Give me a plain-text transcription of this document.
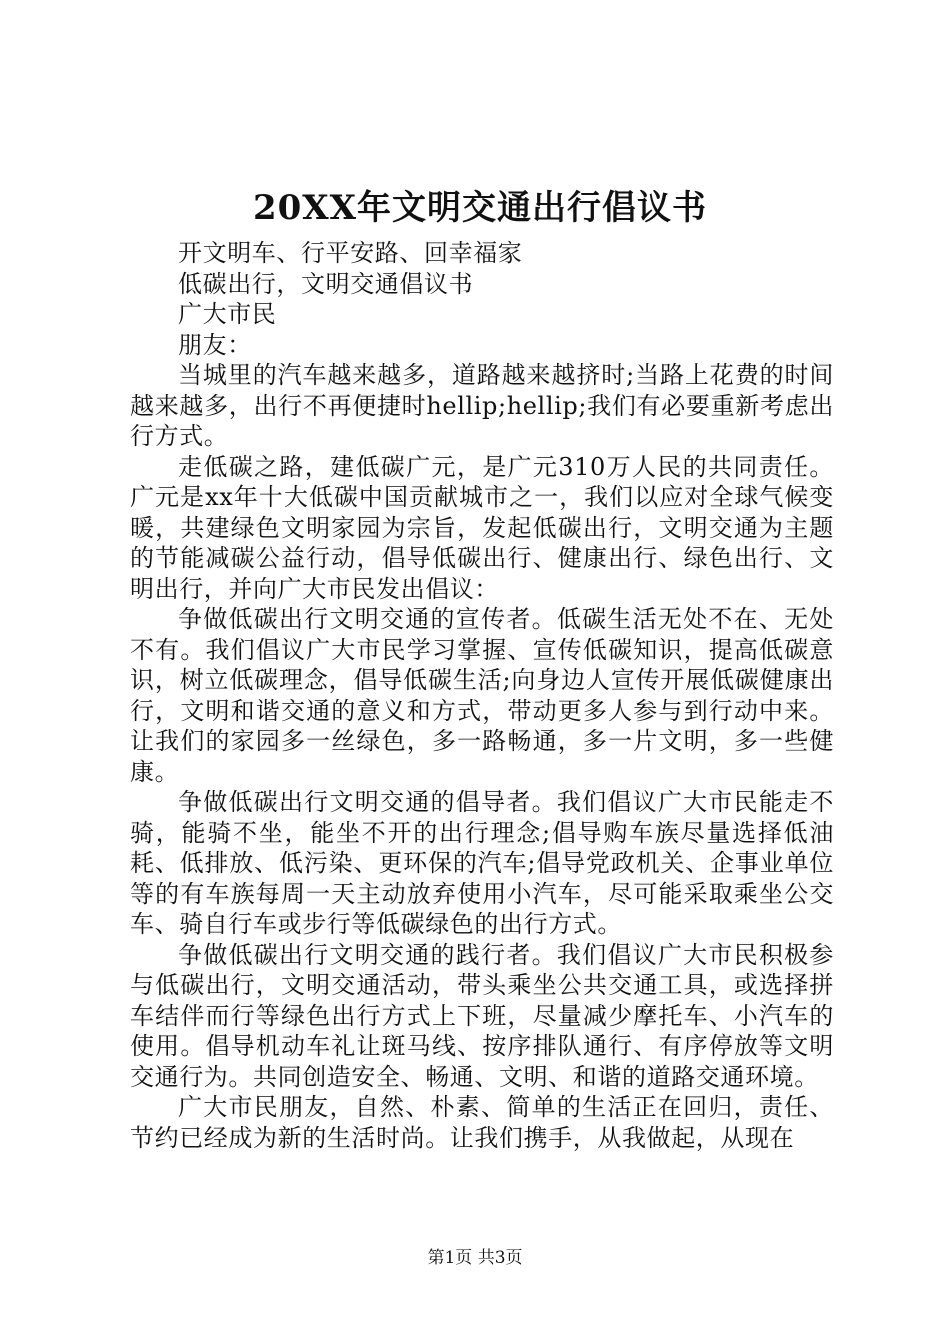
20XX年文明交通出行倡议书

开文明车、行平安路、回幸福家

低碳出行，文明交通倡议书

广大市民

朋友：

当城里的汽车越来越多，道路越来越挤时;当路上花费的时间越来越多，出行不再便捷时hellip;hellip;我们有必要重新考虑出行方式。

走低碳之路，建低碳广元，是广元310万人民的共同责任。广元是xx年十大低碳中国贡献城市之一，我们以应对全球气候变暖，共建绿色文明家园为宗旨，发起低碳出行，文明交通为主题的节能减碳公益行动，倡导低碳出行、健康出行、绿色出行、文明出行，并向广大市民发出倡议：

争做低碳出行文明交通的宣传者。低碳生活无处不在、无处不有。我们倡议广大市民学习掌握、宣传低碳知识，提高低碳意识，树立低碳理念，倡导低碳生活;向身边人宣传开展低碳健康出行，文明和谐交通的意义和方式，带动更多人参与到行动中来。让我们的家园多一丝绿色，多一路畅通，多一片文明，多一些健康。

争做低碳出行文明交通的倡导者。我们倡议广大市民能走不骑，能骑不坐，能坐不开的出行理念;倡导购车族尽量选择低油耗、低排放、低污染、更环保的汽车;倡导党政机关、企事业单位等的有车族每周一天主动放弃使用小汽车，尽可能采取乘坐公交车、骑自行车或步行等低碳绿色的出行方式。

争做低碳出行文明交通的践行者。我们倡议广大市民积极参与低碳出行，文明交通活动，带头乘坐公共交通工具，或选择拼车结伴而行等绿色出行方式上下班，尽量减少摩托车、小汽车的使用。倡导机动车礼让斑马线、按序排队通行、有序停放等文明交通行为。共同创造安全、畅通、文明、和谐的道路交通环境。

广大市民朋友，自然、朴素、简单的生活正在回归，责任、节约已经成为新的生活时尚。让我们携手，从我做起，从现在

第1页 共3页
